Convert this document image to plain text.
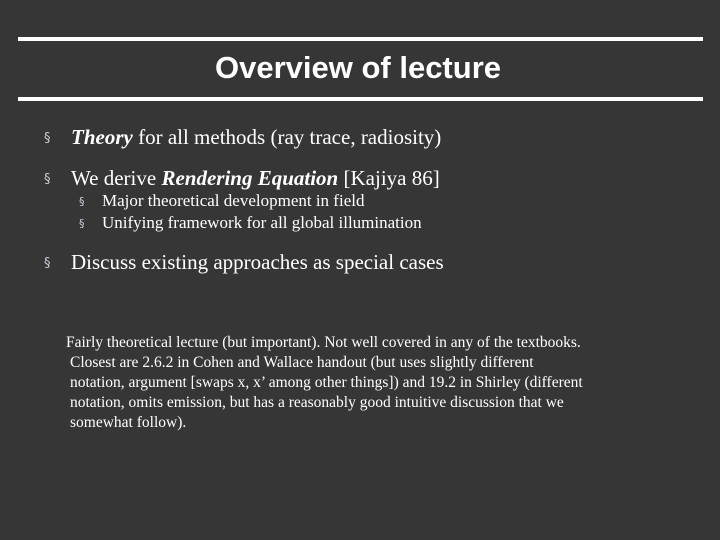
Overview of lecture
§ Theory for all methods (ray trace, radiosity)
§ We derive Rendering Equation [Kajiya 86]
§ Major theoretical development in field
§ Unifying framework for all global illumination
§ Discuss existing approaches as special cases
Fairly theoretical lecture (but important). Not well covered in any of the textbooks.
Closest are 2.6.2 in Cohen and Wallace handout (but uses slightly different
notation, argument [swaps x, x’ among other things]) and 19.2 in Shirley (different
notation, omits emission, but has a reasonably good intuitive discussion that we
somewhat follow).
